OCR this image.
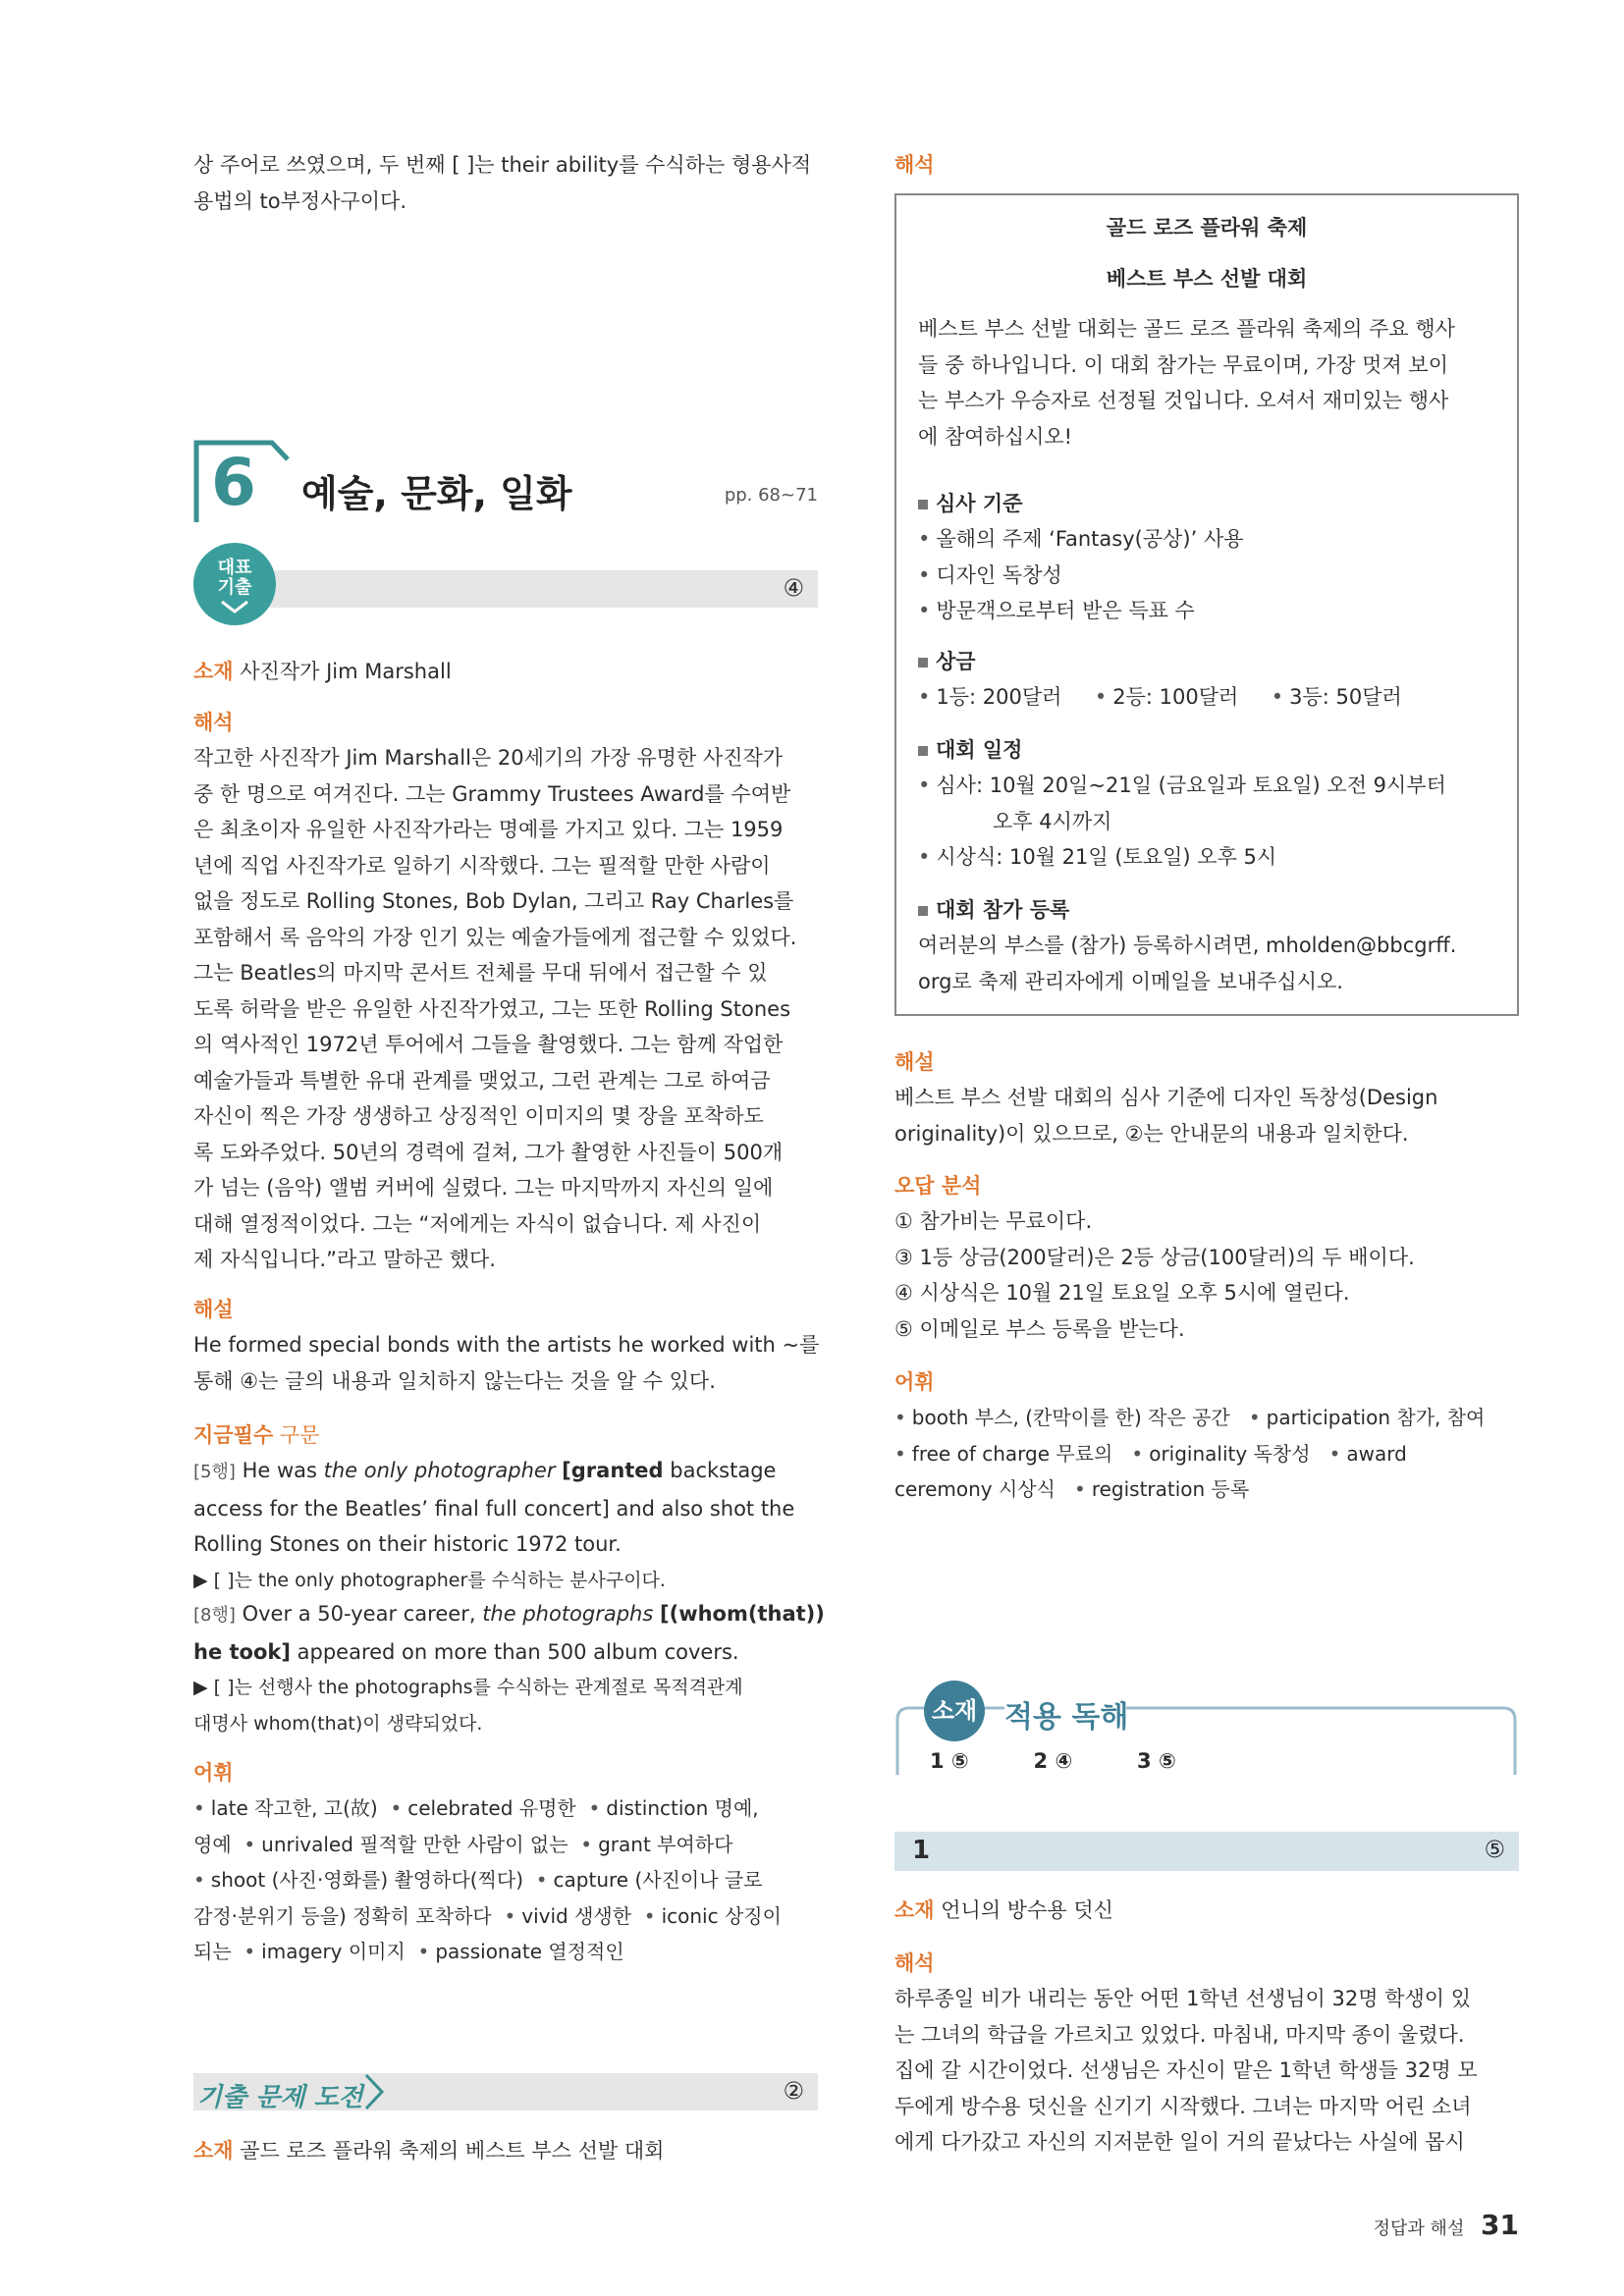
상 주어로 쓰였으며, 두 번째 [ ]는 their ability를 수식하는 형용사적
용법의 to부정사구이다.
6 예술, 문화, 일화	pp. 68~71
④
대표
기출
소재 사진작가 Jim Marshall
해석
작고한 사진작가 Jim Marshall은 20세기의 가장 유명한 사진작가
중 한 명으로 여겨진다. 그는 Grammy Trustees Award를 수여받
은 최초이자 유일한 사진작가라는 명예를 가지고 있다. 그는 1959
년에 직업 사진작가로 일하기 시작했다. 그는 필적할 만한 사람이
없을 정도로 Rolling Stones, Bob Dylan, 그리고 Ray Charles를
포함해서 록 음악의 가장 인기 있는 예술가들에게 접근할 수 있었다.
그는 Beatles의 마지막 콘서트 전체를 무대 뒤에서 접근할 수 있
도록 허락을 받은 유일한 사진작가였고, 그는 또한 Rolling Stones
의 역사적인 1972년 투어에서 그들을 촬영했다. 그는 함께 작업한
예술가들과 특별한 유대 관계를 맺었고, 그런 관계는 그로 하여금
자신이 찍은 가장 생생하고 상징적인 이미지의 몇 장을 포착하도
록 도와주었다. 50년의 경력에 걸쳐, 그가 촬영한 사진들이 500개
가 넘는 (음악) 앨범 커버에 실렸다. 그는 마지막까지 자신의 일에
대해 열정적이었다. 그는 “저에게는 자식이 없습니다. 제 사진이
제 자식입니다.”라고 말하곤 했다.
해설
He formed special bonds with the artists he worked with ~를
통해 ④는 글의 내용과 일치하지 않는다는 것을 알 수 있다.
지금필수 구문
[5행] He was the only photographer [granted backstage
access for the Beatles’ final full concert] and also shot the
Rolling Stones on their historic 1972 tour.
▶ [ ]는 the only photographer를 수식하는 분사구이다.
[8행] Over a 50-year career, the photographs [(whom(that))
he took] appeared on more than 500 album covers.
▶ [ ]는 선행사 the photographs를 수식하는 관계절로 목적격관계
대명사 whom(that)이 생략되었다.
어휘
• late 작고한, 고(故) • celebrated 유명한 • distinction 명예,
영예 • unrivaled 필적할 만한 사람이 없는 • grant 부여하다
• shoot (사진·영화를) 촬영하다(찍다) • capture (사진이나 글로
감정·분위기 등을) 정확히 포착하다 • vivid 생생한 • iconic 상징이
되는 • imagery 이미지 • passionate 열정적인
기출 문제 도전	②
소재 골드 로즈 플라워 축제의 베스트 부스 선발 대회
해석
골드 로즈 플라워 축제
베스트 부스 선발 대회
베스트 부스 선발 대회는 골드 로즈 플라워 축제의 주요 행사
들 중 하나입니다. 이 대회 참가는 무료이며, 가장 멋져 보이
는 부스가 우승자로 선정될 것입니다. 오셔서 재미있는 행사
에 참여하십시오!
심사 기준
• 올해의 주제 ‘Fantasy(공상)’ 사용
• 디자인 독창성
• 방문객으로부터 받은 득표 수
상금
• 1등: 200달러 • 2등: 100달러 • 3등: 50달러
대회 일정
• 심사: 10월 20일~21일 (금요일과 토요일) 오전 9시부터
오후 4시까지
• 시상식: 10월 21일 (토요일) 오후 5시
대회 참가 등록
여러분의 부스를 (참가) 등록하시려면, mholden@bbcgrff.
org로 축제 관리자에게 이메일을 보내주십시오.
해설
베스트 부스 선발 대회의 심사 기준에 디자인 독창성(Design
originality)이 있으므로, ②는 안내문의 내용과 일치한다.
오답 분석
① 참가비는 무료이다.
③ 1등 상금(200달러)은 2등 상금(100달러)의 두 배이다.
④ 시상식은 10월 21일 토요일 오후 5시에 열린다.
⑤ 이메일로 부스 등록을 받는다.
어휘
• booth 부스, (칸막이를 한) 작은 공간 • participation 참가, 참여
• free of charge 무료의 • originality 독창성 • award
ceremony 시상식 • registration 등록
소재 적용 독해
1 ⑤	2 ④	3 ⑤
1	⑤
소재 언니의 방수용 덧신
해석
하루종일 비가 내리는 동안 어떤 1학년 선생님이 32명 학생이 있
는 그녀의 학급을 가르치고 있었다. 마침내, 마지막 종이 울렸다.
집에 갈 시간이었다. 선생님은 자신이 맡은 1학년 학생들 32명 모
두에게 방수용 덧신을 신기기 시작했다. 그녀는 마지막 어린 소녀
에게 다가갔고 자신의 지저분한 일이 거의 끝났다는 사실에 몹시
정답과 해설 31
